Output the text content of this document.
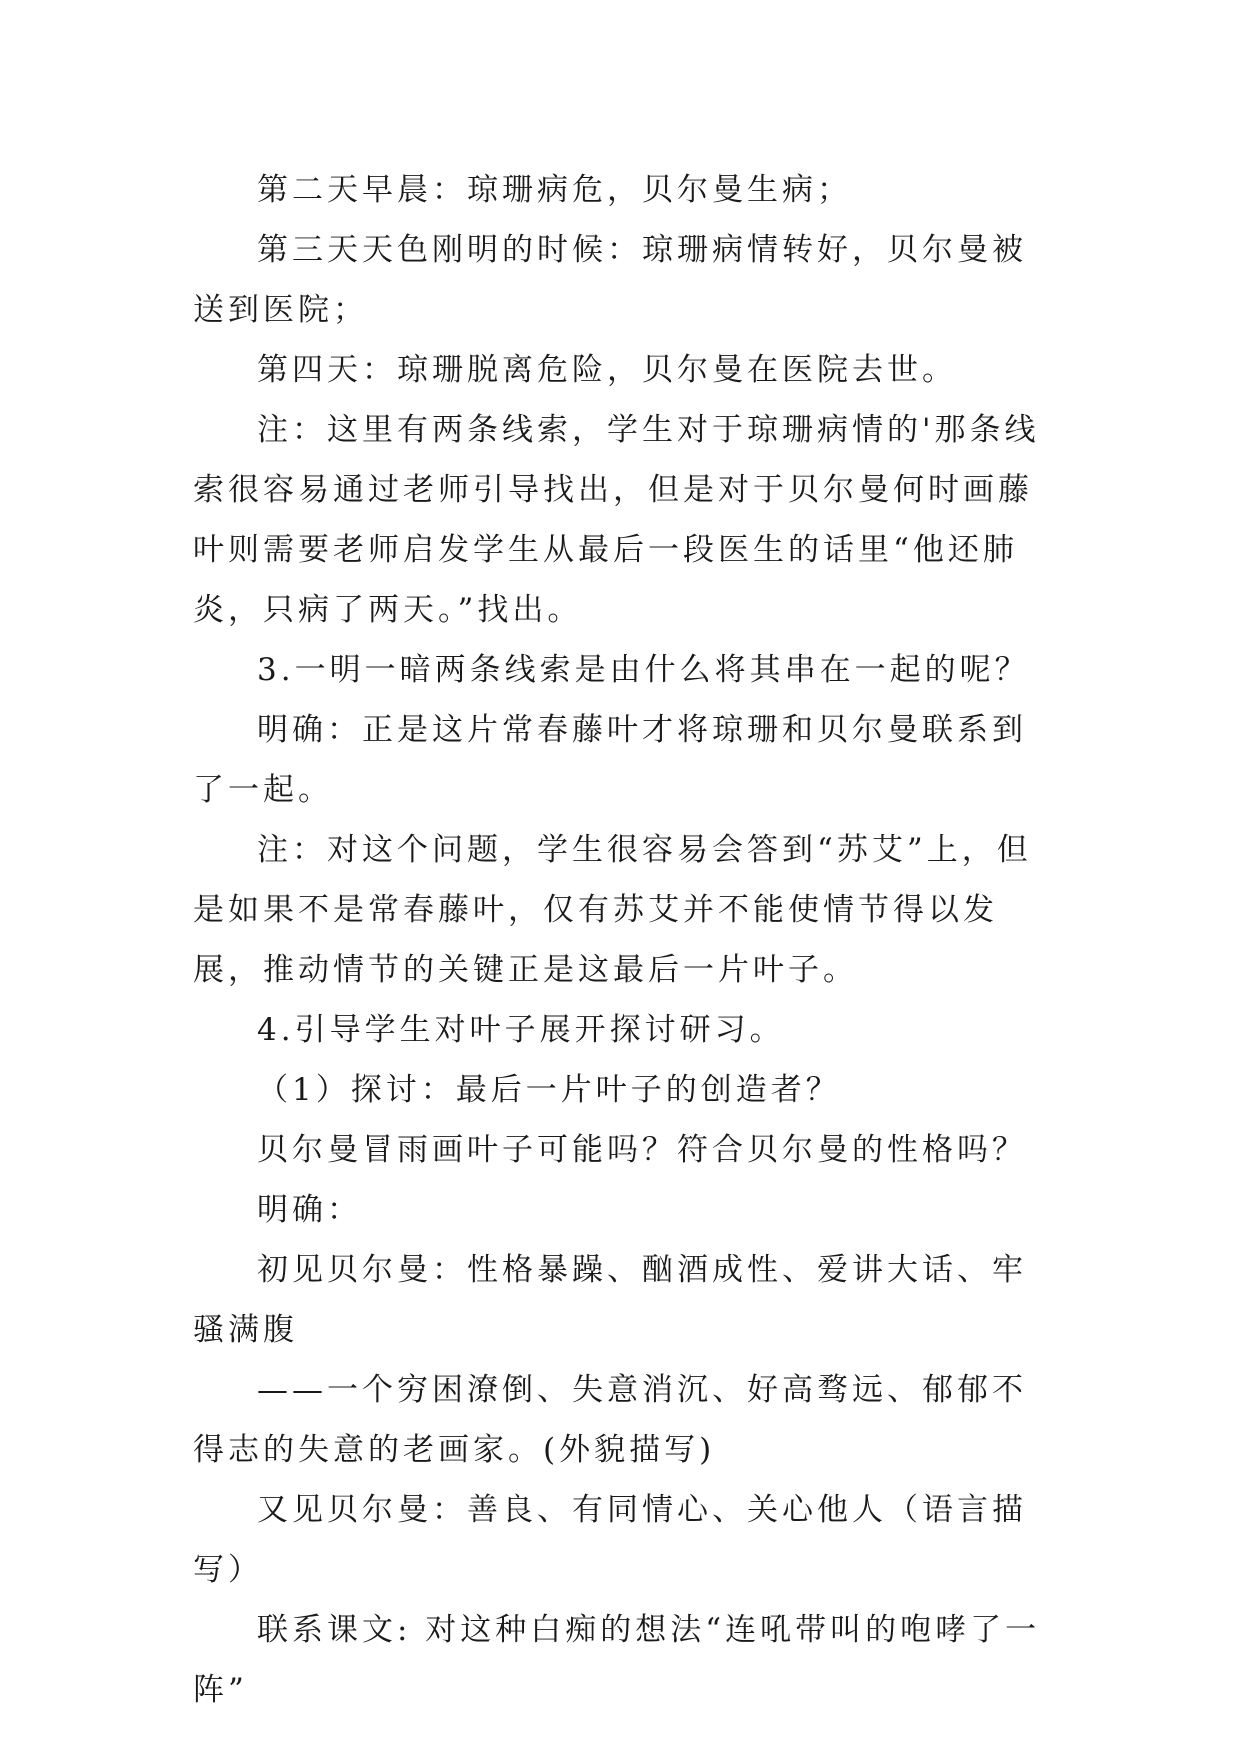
第二天早晨：琼珊病危，贝尔曼生病；

第三天天色刚明的时候：琼珊病情转好，贝尔曼被送到医院；

第四天：琼珊脱离危险，贝尔曼在医院去世。

注：这里有两条线索，学生对于琼珊病情的'那条线索很容易通过老师引导找出，但是对于贝尔曼何时画藤叶则需要老师启发学生从最后一段医生的话里“他还肺炎，只病了两天。”找出。

3.一明一暗两条线索是由什么将其串在一起的呢？

明确：正是这片常春藤叶才将琼珊和贝尔曼联系到了一起。

注：对这个问题，学生很容易会答到“苏艾”上，但是如果不是常春藤叶，仅有苏艾并不能使情节得以发展，推动情节的关键正是这最后一片叶子。

4.引导学生对叶子展开探讨研习。

（1）探讨：最后一片叶子的创造者？

贝尔曼冒雨画叶子可能吗？符合贝尔曼的性格吗？

明确：

初见贝尔曼：性格暴躁、酗酒成性、爱讲大话、牢骚满腹

——一个穷困潦倒、失意消沉、好高骛远、郁郁不得志的失意的老画家。(外貌描写)

又见贝尔曼：善良、有同情心、关心他人（语言描写）

联系课文: 对这种白痴的想法“连吼带叫的咆哮了一阵”
